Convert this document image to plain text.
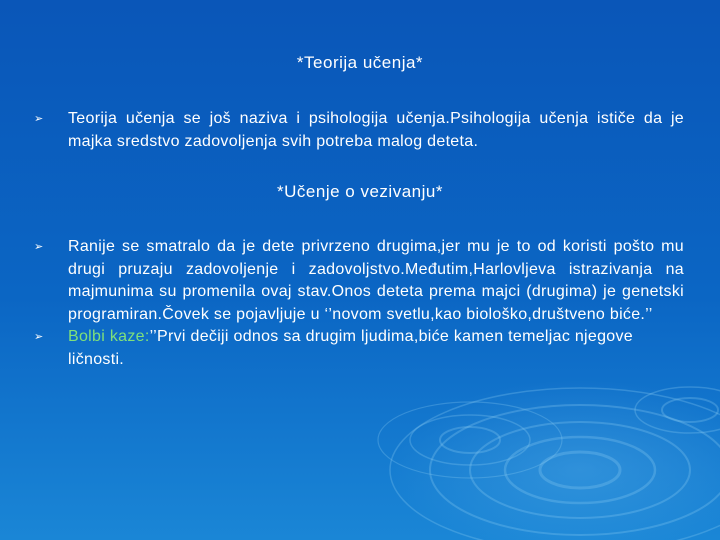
*Teorija učenja*
➢ Teorija učenja se još naziva i psihologija učenja.Psihologija učenja ističe da je majka sredstvo zadovoljenja svih potreba malog deteta.
*Učenje o vezivanju*
➢ Ranije se smatralo da je dete privrzeno drugima,jer mu je to od koristi pošto mu drugi pruzaju zadovoljenje i zadovoljstvo.Međutim,Harlovljeva istrazivanja na majmunima su promenila ovaj stav.Onos deteta prema majci (drugima) je genetski programiran.Čovek se pojavljuje u ‘’novom svetlu,kao biološko,društveno biće.’’
➢ Bolbi kaze:’’Prvi dečiji odnos sa drugim ljudima,biće kamen temeljac njegove ličnosti.
